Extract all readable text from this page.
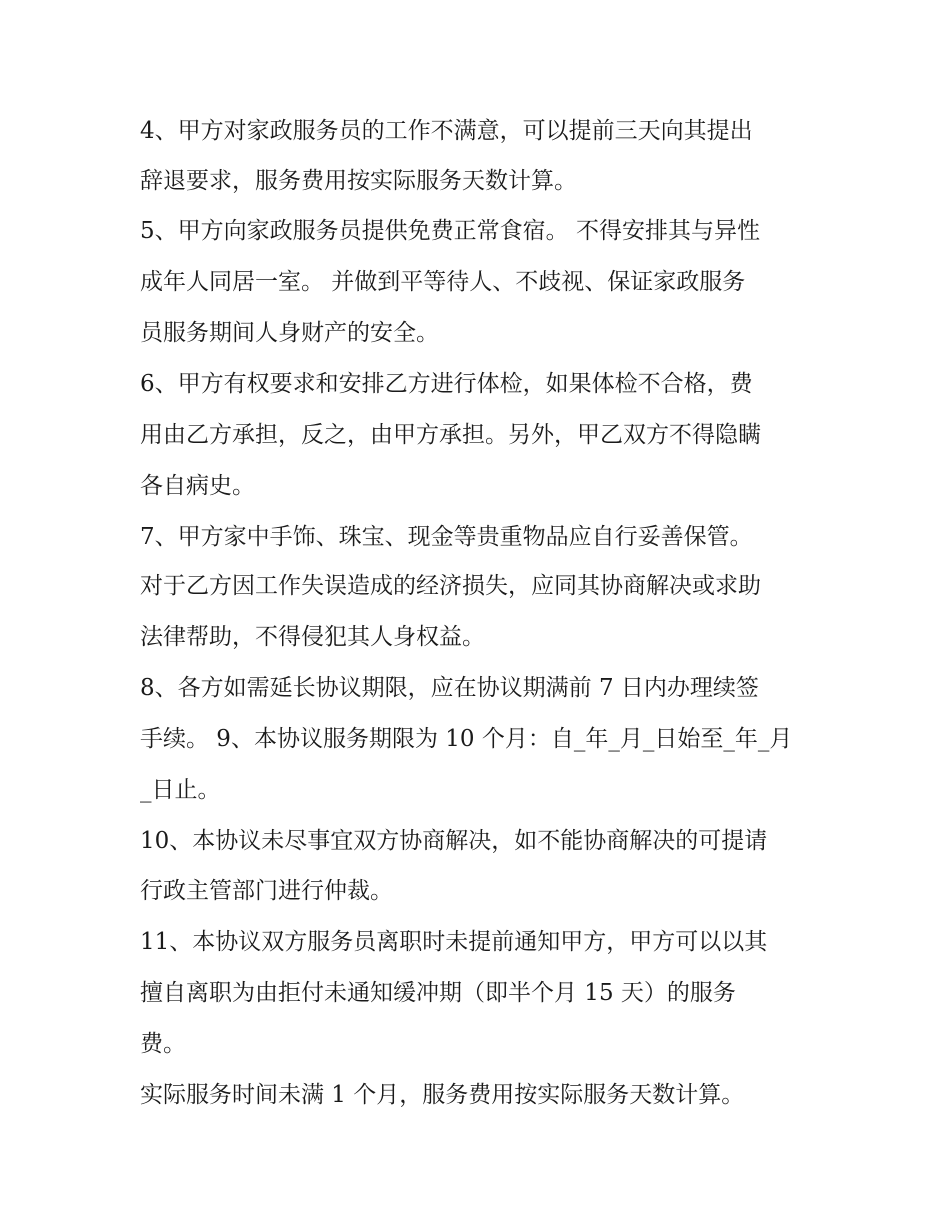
4、甲方对家政服务员的工作不满意，可以提前三天向其提出
辞退要求，服务费用按实际服务天数计算。
5、甲方向家政服务员提供免费正常食宿。 不得安排其与异性
成年人同居一室。 并做到平等待人、不歧视、保证家政服务
员服务期间人身财产的安全。
6、甲方有权要求和安排乙方进行体检，如果体检不合格，费
用由乙方承担，反之，由甲方承担。另外，甲乙双方不得隐瞒
各自病史。
7、甲方家中手饰、珠宝、现金等贵重物品应自行妥善保管。
对于乙方因工作失误造成的经济损失，应同其协商解决或求助
法律帮助，不得侵犯其人身权益。
8、各方如需延长协议期限，应在协议期满前 7 日内办理续签
手续。 9、本协议服务期限为 10 个月：自_年_月_日始至_年_月
_日止。
10、本协议未尽事宜双方协商解决，如不能协商解决的可提请
行政主管部门进行仲裁。
11、本协议双方服务员离职时未提前通知甲方，甲方可以以其
擅自离职为由拒付未通知缓冲期（即半个月 15 天）的服务
费。
实际服务时间未满 1 个月，服务费用按实际服务天数计算。
